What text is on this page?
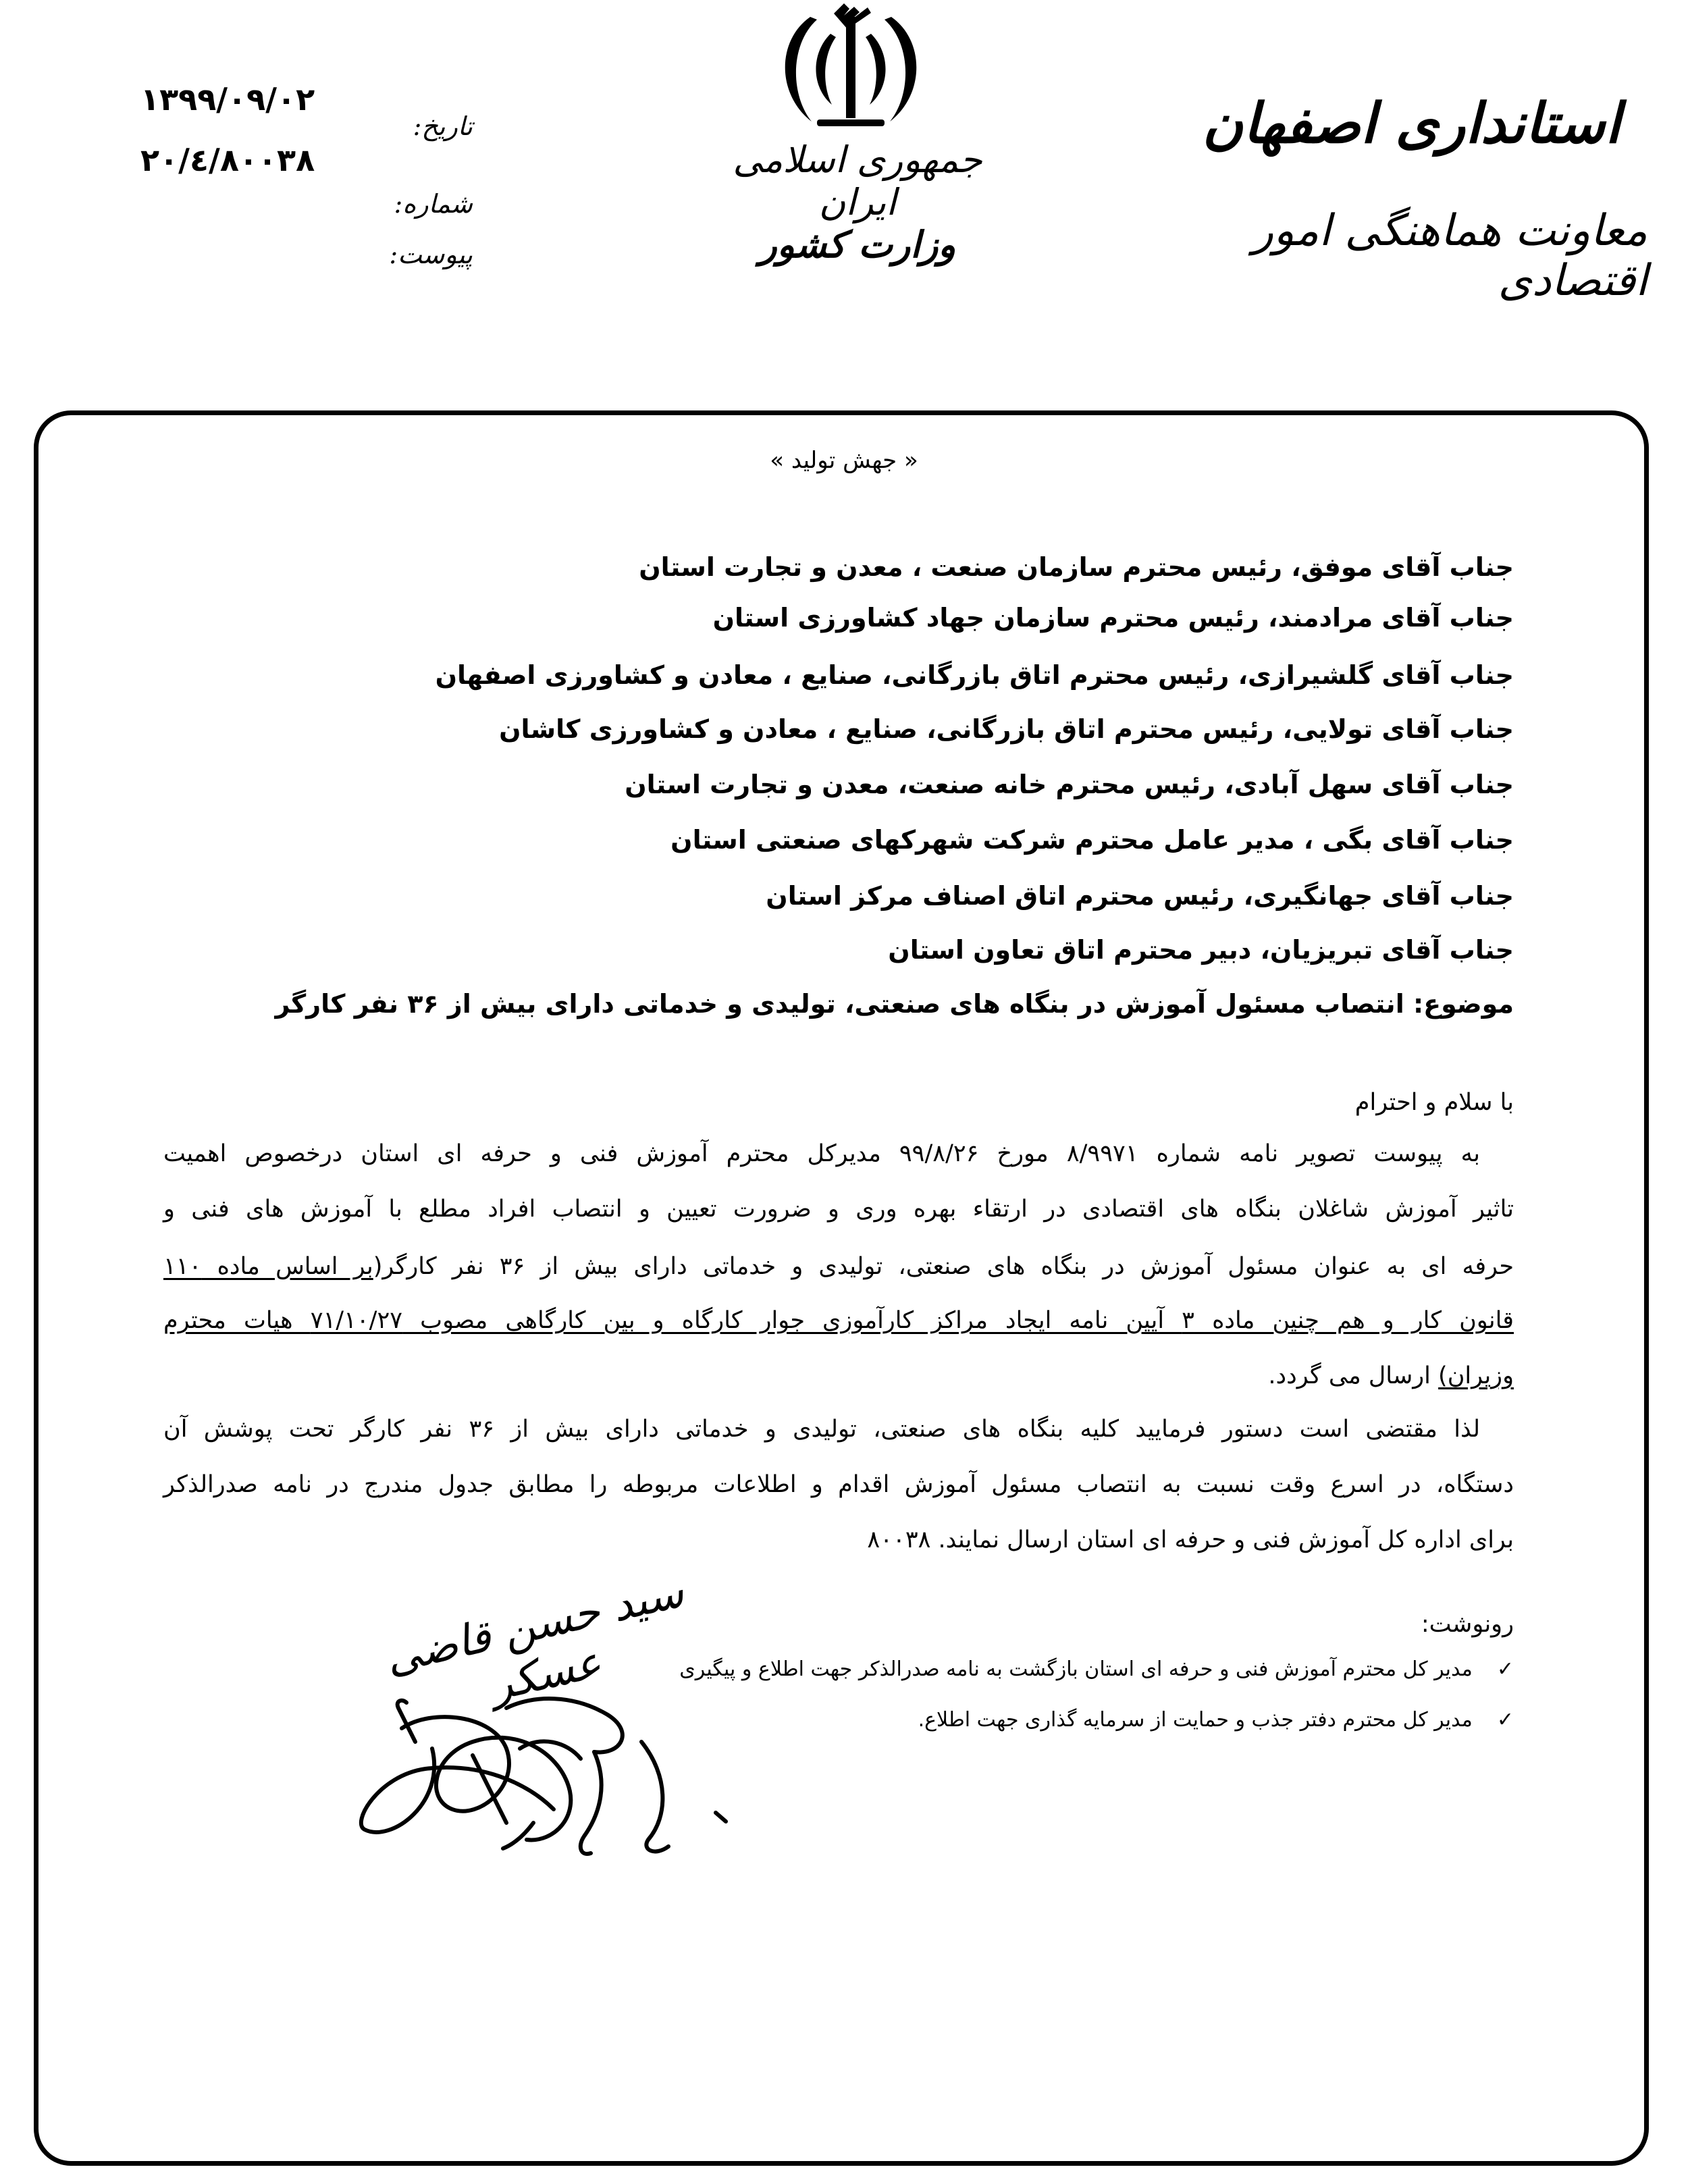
۱۳۹۹/۰۹/۰۲
۲۰/٤/۸۰۰۳۸
تاریخ:
شماره:
پیوست:
جمهوری اسلامی ایران
وزارت کشور
استانداری اصفهان
معاونت هماهنگی امور اقتصادی
« جهش تولید »
جناب آقای موفق، رئیس محترم سازمان صنعت ، معدن و تجارت استان
جناب آقای مرادمند، رئیس محترم سازمان جهاد کشاورزی استان
جناب آقای گلشیرازی، رئیس محترم اتاق بازرگانی، صنایع ، معادن و کشاورزی اصفهان
جناب آقای تولایی، رئیس محترم اتاق بازرگانی، صنایع ، معادن و کشاورزی کاشان
جناب آقای سهل آبادی، رئیس محترم خانه صنعت، معدن و تجارت استان
جناب آقای بگی ، مدیر عامل محترم شرکت شهرکهای صنعتی استان
جناب آقای جهانگیری، رئیس محترم اتاق اصناف مرکز استان
جناب آقای تبریزیان، دبیر محترم اتاق تعاون استان
موضوع: انتصاب مسئول آموزش در بنگاه های صنعتی، تولیدی و خدماتی دارای بیش از ۳۶ نفر کارگر
با سلام و احترام
به پیوست تصویر نامه شماره ۸/۹۹۷۱ مورخ ۹۹/۸/۲۶ مدیرکل محترم آموزش فنی و حرفه ای استان درخصوص اهمیت
تاثیر آموزش شاغلان بنگاه های اقتصادی در ارتقاء بهره وری و ضرورت تعیین و انتصاب افراد مطلع با آموزش های فنی و
حرفه ای به عنوان مسئول آموزش در بنگاه های صنعتی، تولیدی و خدماتی دارای بیش از ۳۶ نفر کارگر(بر اساس ماده ۱۱۰
قانون کار و هم چنین ماده ۳ آیین نامه ایجاد مراکز کارآموزی جوار کارگاه و بین کارگاهی مصوب ۷۱/۱۰/۲۷ هیات محترم
وزیران) ارسال می گردد.
لذا مقتضی است دستور فرمایید کلیه بنگاه های صنعتی، تولیدی و خدماتی دارای بیش از ۳۶ نفر کارگر تحت پوشش آن
دستگاه، در اسرع وقت نسبت به انتصاب مسئول آموزش اقدام و اطلاعات مربوطه را مطابق جدول مندرج در نامه صدرالذکر
برای اداره کل آموزش فنی و حرفه ای استان ارسال نمایند. ۸۰۰۳۸
سید حسن قاضی عسکر
رونوشت:
✓مدیر کل محترم آموزش فنی و حرفه ای استان بازگشت به نامه صدرالذکر جهت اطلاع و پیگیری
✓مدیر کل محترم دفتر جذب و حمایت از سرمایه گذاری جهت اطلاع.
